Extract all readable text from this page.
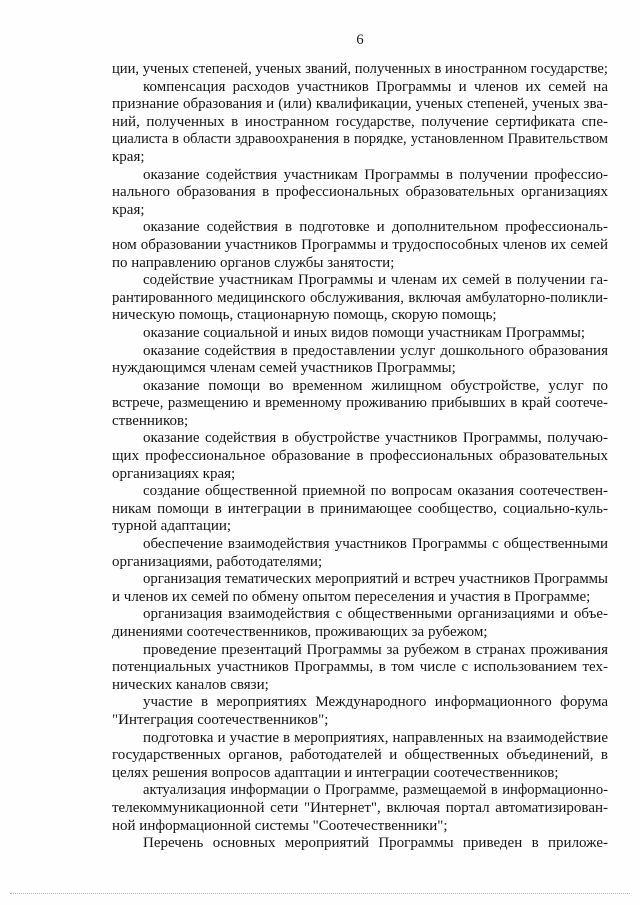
6
ции, ученых степеней, ученых званий, полученных в иностранном государстве;
компенсация расходов участников Программы и членов их семей на
признание образования и (или) квалификации, ученых степеней, ученых зва-
ний, полученных в иностранном государстве, получение сертификата спе-
циалиста в области здравоохранения в порядке, установленном Правительством
края;
оказание содействия участникам Программы в получении профессио-
нального образования в профессиональных образовательных организациях
края;
оказание содействия в подготовке и дополнительном профессиональ-
ном образовании участников Программы и трудоспособных членов их семей
по направлению органов службы занятости;
содействие участникам Программы и членам их семей в получении га-
рантированного медицинского обслуживания, включая амбулаторно-поликли-
ническую помощь, стационарную помощь, скорую помощь;
оказание социальной и иных видов помощи участникам Программы;
оказание содействия в предоставлении услуг дошкольного образования
нуждающимся членам семей участников Программы;
оказание помощи во временном жилищном обустройстве, услуг по
встрече, размещению и временному проживанию прибывших в край соотече-
ственников;
оказание содействия в обустройстве участников Программы, получаю-
щих профессиональное образование в профессиональных образовательных
организациях края;
создание общественной приемной по вопросам оказания соотечествен-
никам помощи в интеграции в принимающее сообщество, социально-куль-
турной адаптации;
обеспечение взаимодействия участников Программы с общественными
организациями, работодателями;
организация тематических мероприятий и встреч участников Программы
и членов их семей по обмену опытом переселения и участия в Программе;
организация взаимодействия с общественными организациями и объе-
динениями соотечественников, проживающих за рубежом;
проведение презентаций Программы за рубежом в странах проживания
потенциальных участников Программы, в том числе с использованием тех-
нических каналов связи;
участие в мероприятиях Международного информационного форума
"Интеграция соотечественников";
подготовка и участие в мероприятиях, направленных на взаимодействие
государственных органов, работодателей и общественных объединений, в
целях решения вопросов адаптации и интеграции соотечественников;
актуализация информации о Программе, размещаемой в информационно-
телекоммуникационной сети "Интернет", включая портал автоматизирован-
ной информационной системы "Соотечественники";
Перечень основных мероприятий Программы приведен в приложе-
